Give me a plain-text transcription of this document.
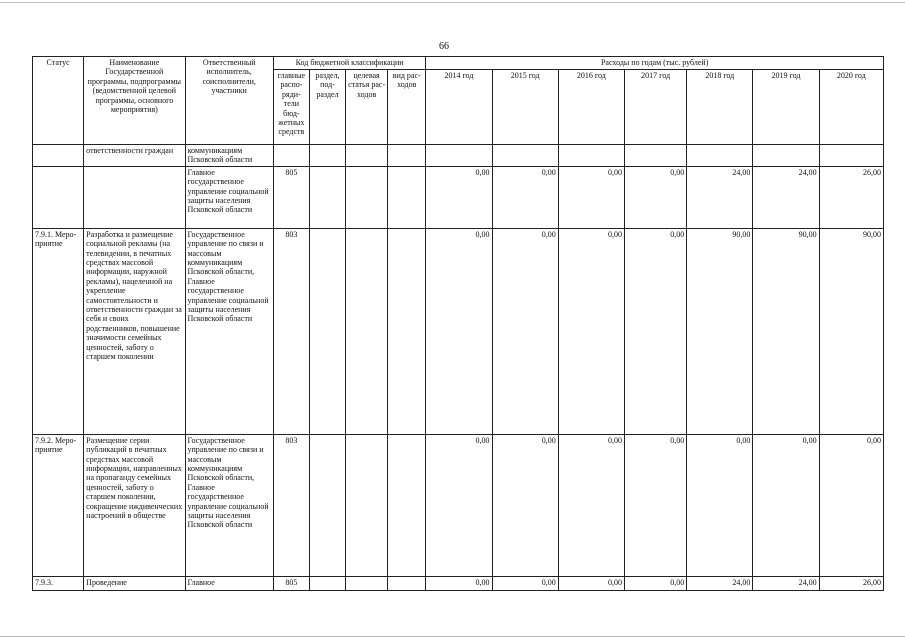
66
Статус	Наименование Государственной программы, подпрограммы (ведомственной целевой программы, основного мероприятия)	Ответственный исполнитель, соисполнители, участники	Код бюджетной классификации				Расходы по годам (тыс. рублей)						
			главные распо-ряди-тели бюд-жетных средств	раздел, под-раздел	целевая статья рас-ходов	вид рас-ходов	2014 год	2015 год	2016 год	2017 год	2018 год	2019 год	2020 год
	ответственности граждан	коммуникациям Псковской области											
		Главное государственное управление социальной защиты населения Псковской области	805				0,00	0,00	0,00	0,00	24,00	24,00	26,00
7.9.1. Меро-приятие	Разработка и размещение социальной рекламы (на телевидении, в печатных средствах массовой информации, наружной рекламы), нацеленной на укрепление самостоятельности и ответственности граждан за себя и своих родственников, повышение значимости семейных ценностей, заботу о старшем поколении	Государственное управление по связи и массовым коммуникациям Псковской области, Главное государственное управление социальной защиты населения Псковской области	803				0,00	0,00	0,00	0,00	90,00	90,00	90,00
7.9.2. Меро-приятие	Размещение серии публикаций в печатных средствах массовой информации, направленных на пропаганду семейных ценностей, заботу о старшем поколении, сокращение иждивенческих настроений в обществе	Государственное управление по связи и массовым коммуникациям Псковской области, Главное государственное управление социальной защиты населения Псковской области	803				0,00	0,00	0,00	0,00	0,00	0,00	0,00
7.9.3.	Проведение	Главное	805				0,00	0,00	0,00	0,00	24,00	24,00	26,00
